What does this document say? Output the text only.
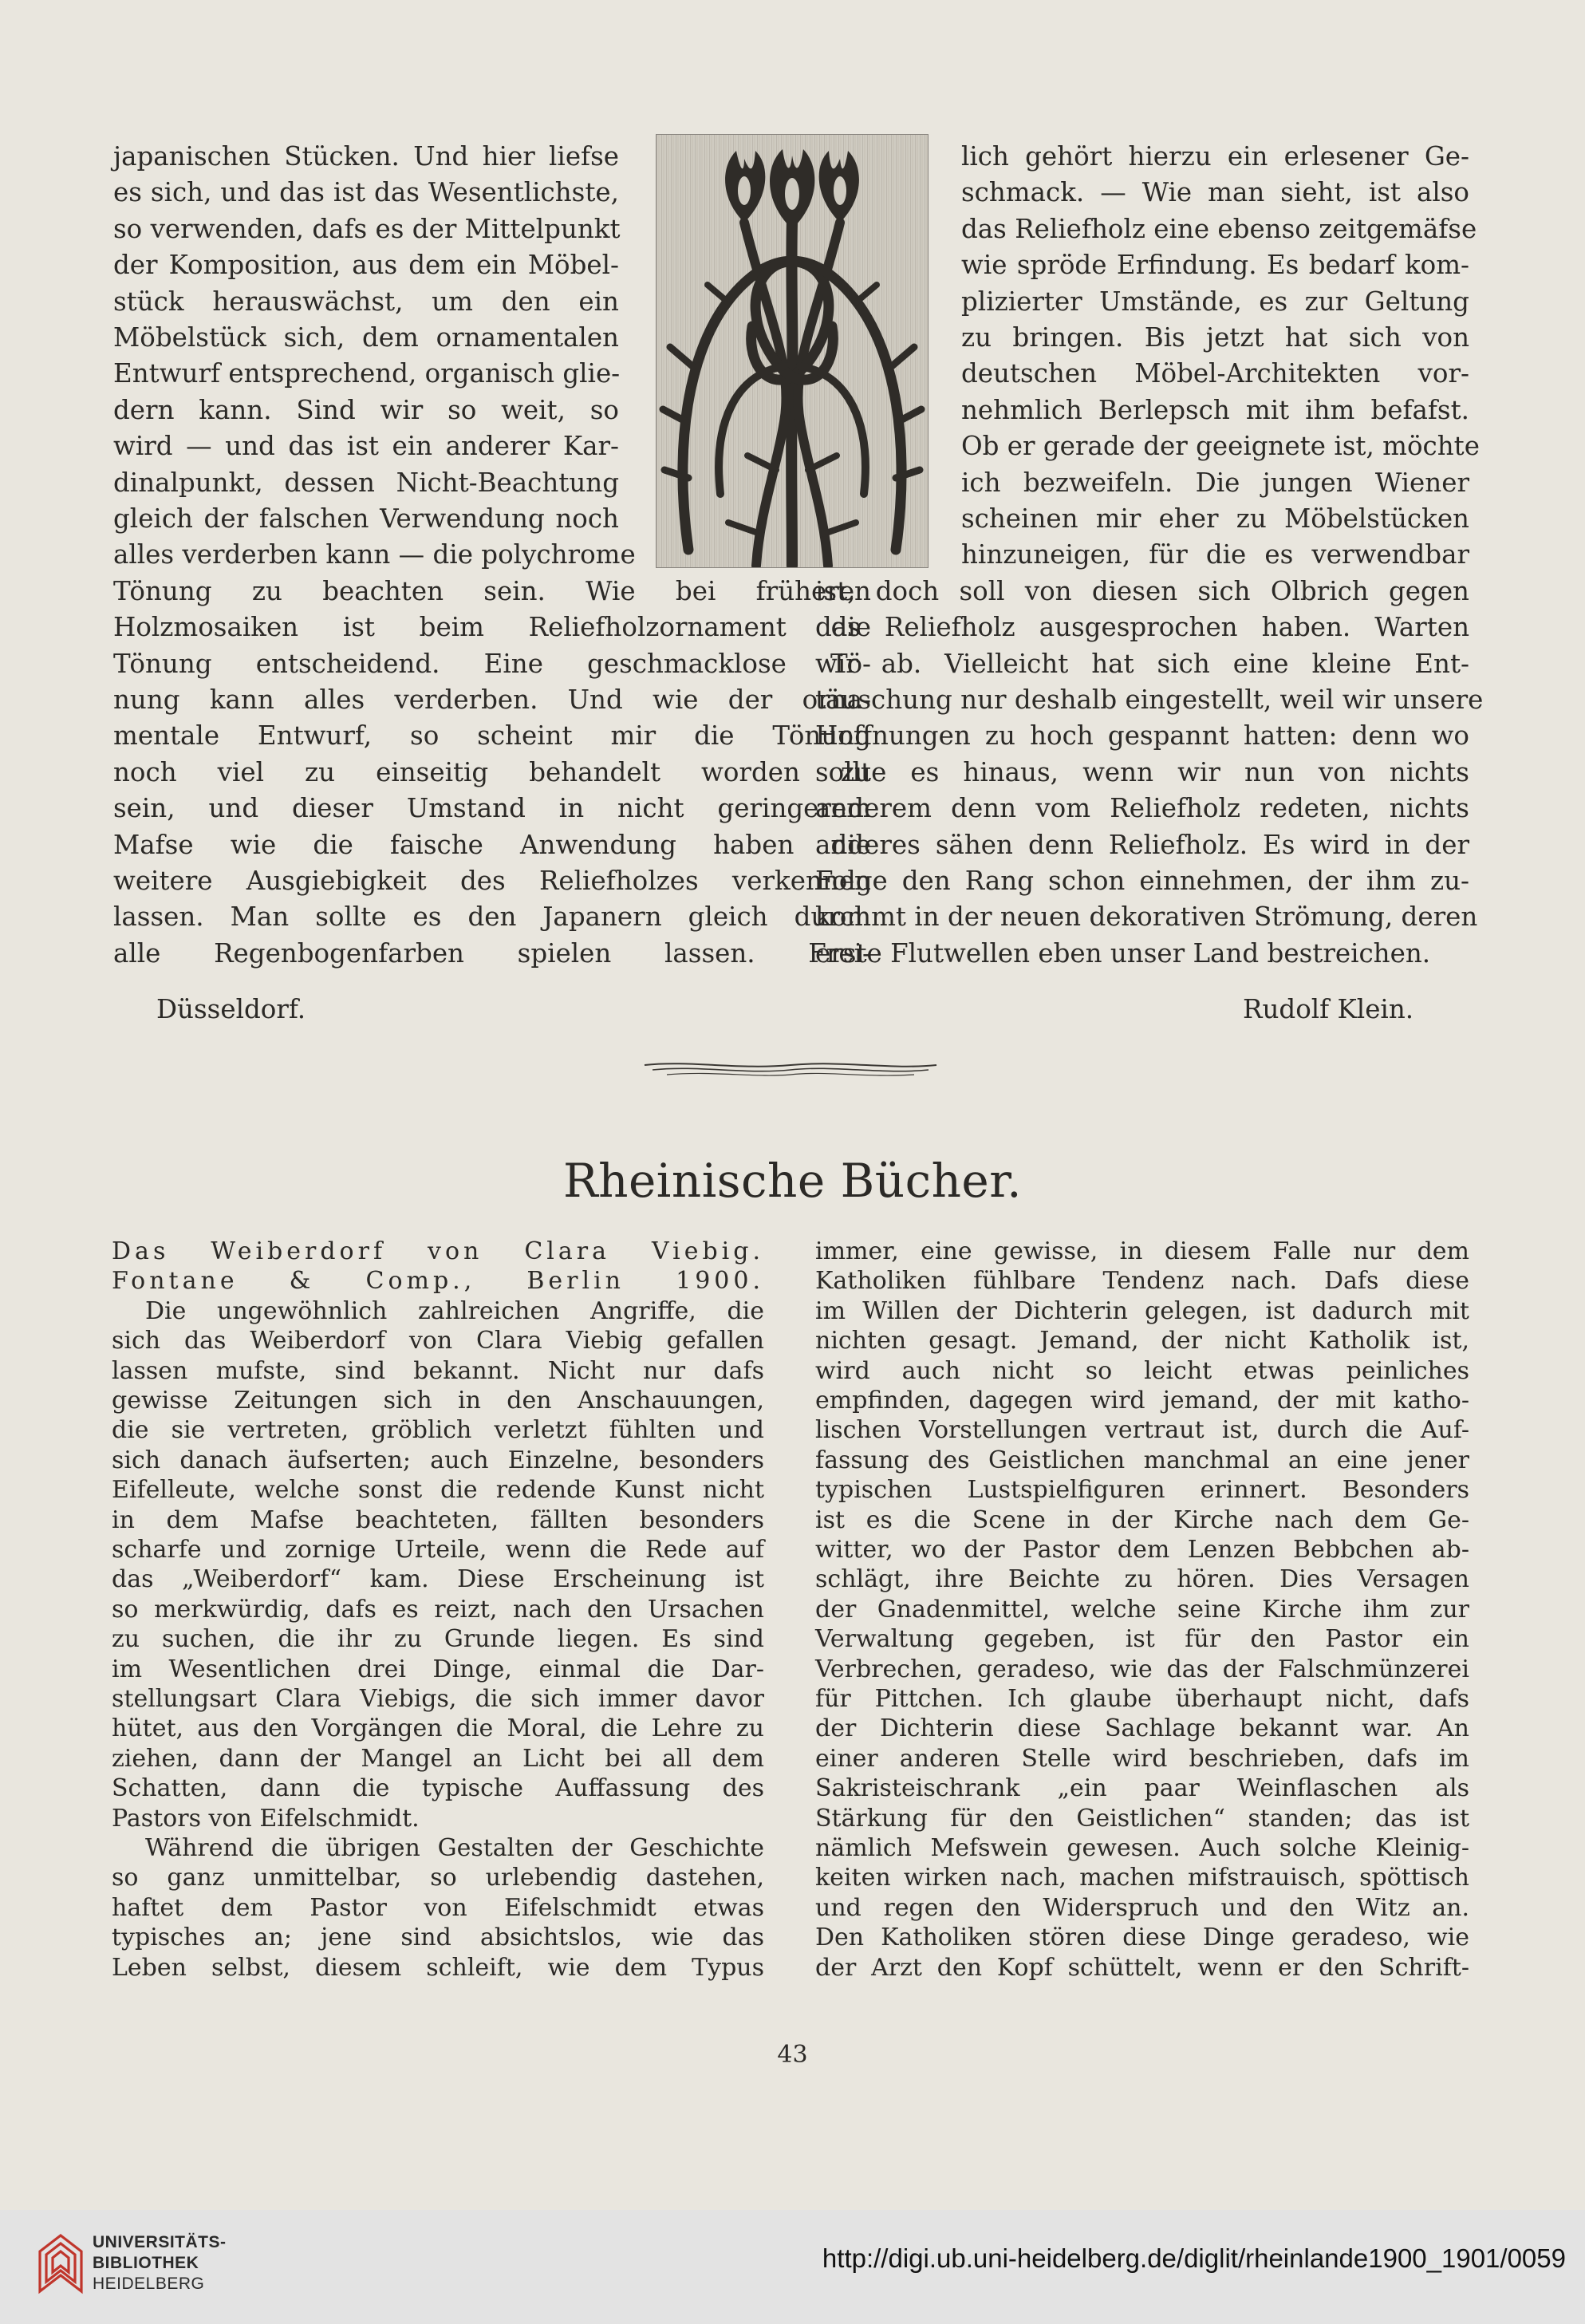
japanischen Stücken. Und hier liefse
es sich, und das ist das Wesentlichste,
so verwenden, dafs es der Mittelpunkt
der Komposition, aus dem ein Möbel-
stück herauswächst, um den ein
Möbelstück sich, dem ornamentalen
Entwurf entsprechend, organisch glie-
dern kann. Sind wir so weit, so
wird — und das ist ein anderer Kar-
dinalpunkt, dessen Nicht-Beachtung
gleich der falschen Verwendung noch
alles verderben kann — die polychrome
Tönung zu beachten sein. Wie bei früheren
Holzmosaiken ist beim Reliefholzornament die
Tönung entscheidend. Eine geschmacklose Tö-
nung kann alles verderben. Und wie der orna-
mentale Entwurf, so scheint mir die Tönung
noch viel zu einseitig behandelt worden zu
sein, und dieser Umstand in nicht geringerem
Mafse wie die faische Anwendung haben die
weitere Ausgiebigkeit des Reliefholzes verkennen
lassen. Man sollte es den Japanern gleich durch
alle Regenbogenfarben spielen lassen. Frei-
lich gehört hierzu ein erlesener Ge-
schmack. — Wie man sieht, ist also
das Reliefholz eine ebenso zeitgemäfse
wie spröde Erfindung. Es bedarf kom-
plizierter Umstände, es zur Geltung
zu bringen. Bis jetzt hat sich von
deutschen Möbel-Architekten vor-
nehmlich Berlepsch mit ihm befafst.
Ob er gerade der geeignete ist, möchte
ich bezweifeln. Die jungen Wiener
scheinen mir eher zu Möbelstücken
hinzuneigen, für die es verwendbar
ist, doch soll von diesen sich Olbrich gegen
das Reliefholz ausgesprochen haben. Warten
wir ab. Vielleicht hat sich eine kleine Ent-
täuschung nur deshalb eingestellt, weil wir unsere
Hoffnungen zu hoch gespannt hatten: denn wo
sollte es hinaus, wenn wir nun von nichts
anderem denn vom Reliefholz redeten, nichts
anderes sähen denn Reliefholz. Es wird in der
Folge den Rang schon einnehmen, der ihm zu-
kommt in der neuen dekorativen Strömung, deren
erste Flutwellen eben unser Land bestreichen.
Düsseldorf.	Rudolf Klein.
Rheinische Bücher.
Das Weiberdorf von Clara Viebig.
Fontane & Comp., Berlin 1900.
Die ungewöhnlich zahlreichen Angriffe, die
sich das Weiberdorf von Clara Viebig gefallen
lassen mufste, sind bekannt. Nicht nur dafs
gewisse Zeitungen sich in den Anschauungen,
die sie vertreten, gröblich verletzt fühlten und
sich danach äufserten; auch Einzelne, besonders
Eifelleute, welche sonst die redende Kunst nicht
in dem Mafse beachteten, fällten besonders
scharfe und zornige Urteile, wenn die Rede auf
das „Weiberdorf“ kam. Diese Erscheinung ist
so merkwürdig, dafs es reizt, nach den Ursachen
zu suchen, die ihr zu Grunde liegen. Es sind
im Wesentlichen drei Dinge, einmal die Dar-
stellungsart Clara Viebigs, die sich immer davor
hütet, aus den Vorgängen die Moral, die Lehre zu
ziehen, dann der Mangel an Licht bei all dem
Schatten, dann die typische Auffassung des
Pastors von Eifelschmidt.
Während die übrigen Gestalten der Geschichte
so ganz unmittelbar, so urlebendig dastehen,
haftet dem Pastor von Eifelschmidt etwas
typisches an; jene sind absichtslos, wie das
Leben selbst, diesem schleift, wie dem Typus
immer, eine gewisse, in diesem Falle nur dem
Katholiken fühlbare Tendenz nach. Dafs diese
im Willen der Dichterin gelegen, ist dadurch mit
nichten gesagt. Jemand, der nicht Katholik ist,
wird auch nicht so leicht etwas peinliches
empfinden, dagegen wird jemand, der mit katho-
lischen Vorstellungen vertraut ist, durch die Auf-
fassung des Geistlichen manchmal an eine jener
typischen Lustspielfiguren erinnert. Besonders
ist es die Scene in der Kirche nach dem Ge-
witter, wo der Pastor dem Lenzen Bebbchen ab-
schlägt, ihre Beichte zu hören. Dies Versagen
der Gnadenmittel, welche seine Kirche ihm zur
Verwaltung gegeben, ist für den Pastor ein
Verbrechen, geradeso, wie das der Falschmünzerei
für Pittchen. Ich glaube überhaupt nicht, dafs
der Dichterin diese Sachlage bekannt war. An
einer anderen Stelle wird beschrieben, dafs im
Sakristeischrank „ein paar Weinflaschen als
Stärkung für den Geistlichen“ standen; das ist
nämlich Mefswein gewesen. Auch solche Kleinig-
keiten wirken nach, machen mifstrauisch, spöttisch
und regen den Widerspruch und den Witz an.
Den Katholiken stören diese Dinge geradeso, wie
der Arzt den Kopf schüttelt, wenn er den Schrift-
43
UNIVERSITÄTS-
BIBLIOTHEK
HEIDELBERG
http://digi.ub.uni-heidelberg.de/diglit/rheinlande1900_1901/0059
